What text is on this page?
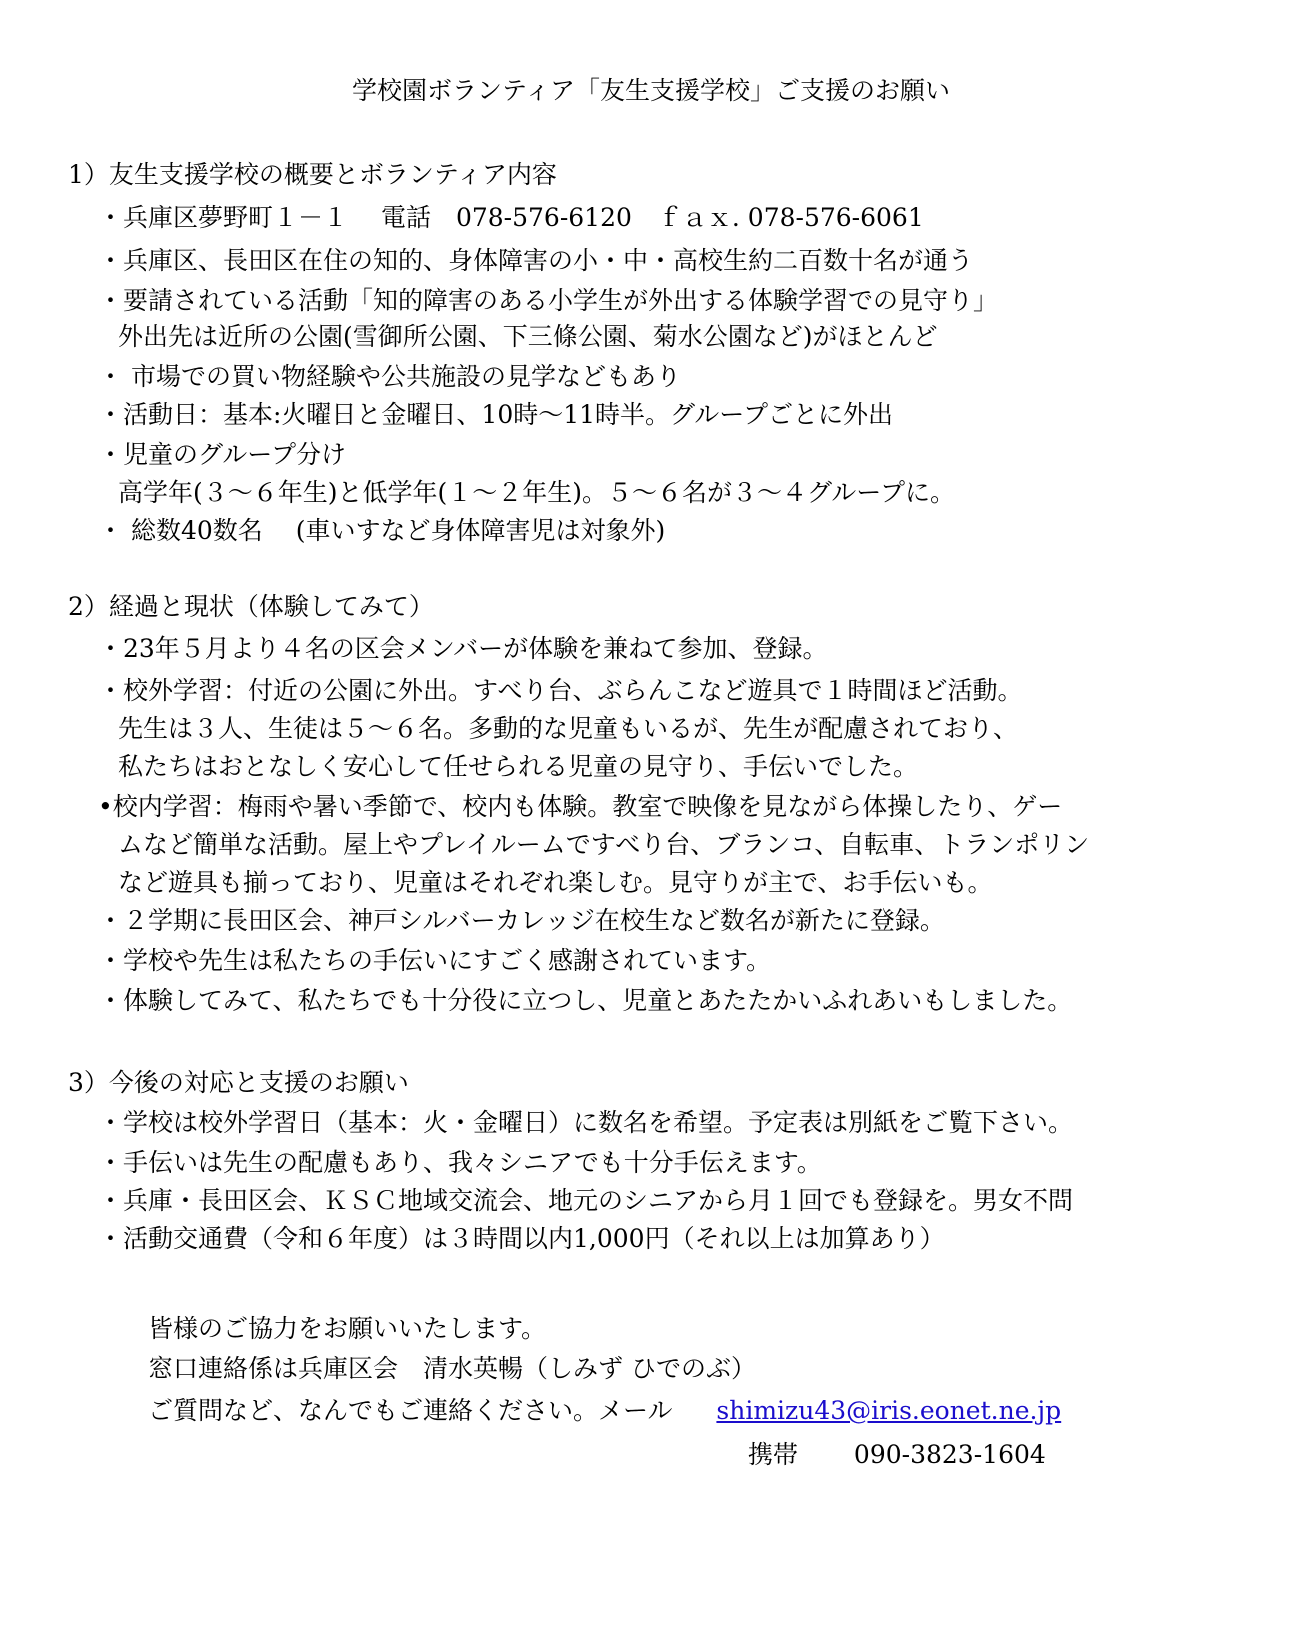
学校園ボランティア「友生支援学校」ご支援のお願い
1）友生支援学校の概要とボランティア内容
・兵庫区夢野町１－１　 電話　078-576-6120　ｆａｘ. 078-576-6061
・兵庫区、長田区在住の知的、身体障害の小・中・高校生約二百数十名が通う
・要請されている活動「知的障害のある小学生が外出する体験学習での見守り」
外出先は近所の公園(雪御所公園、下三條公園、菊水公園など)がほとんど
・ 市場での買い物経験や公共施設の見学などもあり
・活動日：基本:火曜日と金曜日、10時～11時半。グループごとに外出
・児童のグループ分け
高学年(３～６年生)と低学年(１～２年生)。５～６名が３～４グループに。
・ 総数40数名　 (車いすなど身体障害児は対象外)
2）経過と現状（体験してみて）
・23年５月より４名の区会メンバーが体験を兼ねて参加、登録。
・校外学習：付近の公園に外出。すべり台、ぶらんこなど遊具で１時間ほど活動。
先生は３人、生徒は５～６名。多動的な児童もいるが、先生が配慮されており、
私たちはおとなしく安心して任せられる児童の見守り、手伝いでした。
•校内学習：梅雨や暑い季節で、校内も体験。教室で映像を見ながら体操したり、ゲー
ムなど簡単な活動。屋上やプレイルームですべり台、ブランコ、自転車、トランポリン
など遊具も揃っており、児童はそれぞれ楽しむ。見守りが主で、お手伝いも。
・２学期に長田区会、神戸シルバーカレッジ在校生など数名が新たに登録。
・学校や先生は私たちの手伝いにすごく感謝されています。
・体験してみて、私たちでも十分役に立つし、児童とあたたかいふれあいもしました。
3）今後の対応と支援のお願い
・学校は校外学習日（基本：火・金曜日）に数名を希望。予定表は別紙をご覧下さい。
・手伝いは先生の配慮もあり、我々シニアでも十分手伝えます。
・兵庫・長田区会、ＫＳＣ地域交流会、地元のシニアから月１回でも登録を。男女不問
・活動交通費（令和６年度）は３時間以内1,000円（それ以上は加算あり）
皆様のご協力をお願いいたします。
窓口連絡係は兵庫区会　清水英暢（しみず ひでのぶ）
ご質問など、なんでもご連絡ください。メール shimizu43@iris.eonet.ne.jp
携帯 090-3823-1604
